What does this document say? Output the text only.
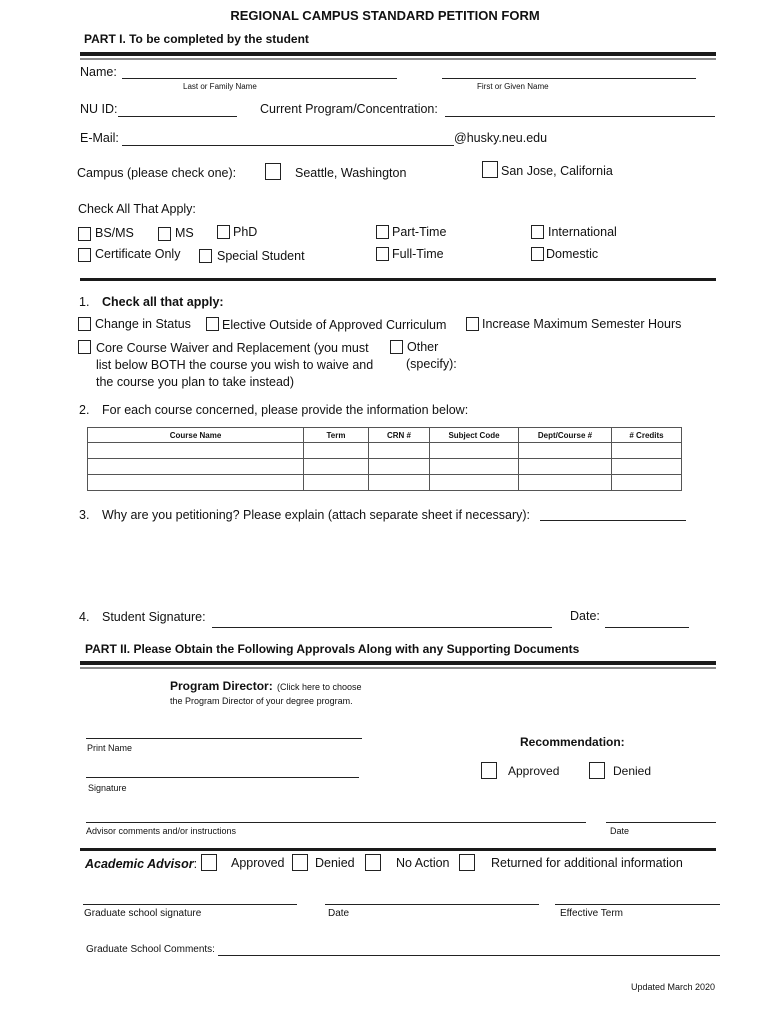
REGIONAL CAMPUS STANDARD PETITION FORM
PART I. To be completed by the student
Name:
Last or Family Name	First or Given Name
NU ID:	Current Program/Concentration:
E-Mail:	@husky.neu.edu
Campus (please check one):	Seattle, Washington	San Jose, California
Check All That Apply:
BS/MS	MS	PhD
Certificate Only	Special Student
Part-Time
Full-Time
International
Domestic
1. Check all that apply:
Change in Status Elective Outside of Approved Curriculum	Increase Maximum Semester Hours
Core Course Waiver and Replacement (you must
list below BOTH the course you wish to waive and
the course you plan to take instead)
Other
(specify):
2. For each course concerned, please provide the information below:
Course Name	Term	CRN #	Subject Code	Dept/Course #	# Credits

3. Why are you petitioning? Please explain (attach separate sheet if necessary):
4. Student Signature:	Date:
PART II. Please Obtain the Following Approvals Along with any Supporting Documents
Program Director: (Click here to choose
the Program Director of your degree program.
Print Name
Signature
Recommendation:
Approved	Denied
Advisor comments and/or instructions	Date
Academic Advisor:	Approved Denied	No Action	Returned for additional information
Graduate school signature	Date	Effective Term
Graduate School Comments:
Updated March 2020
